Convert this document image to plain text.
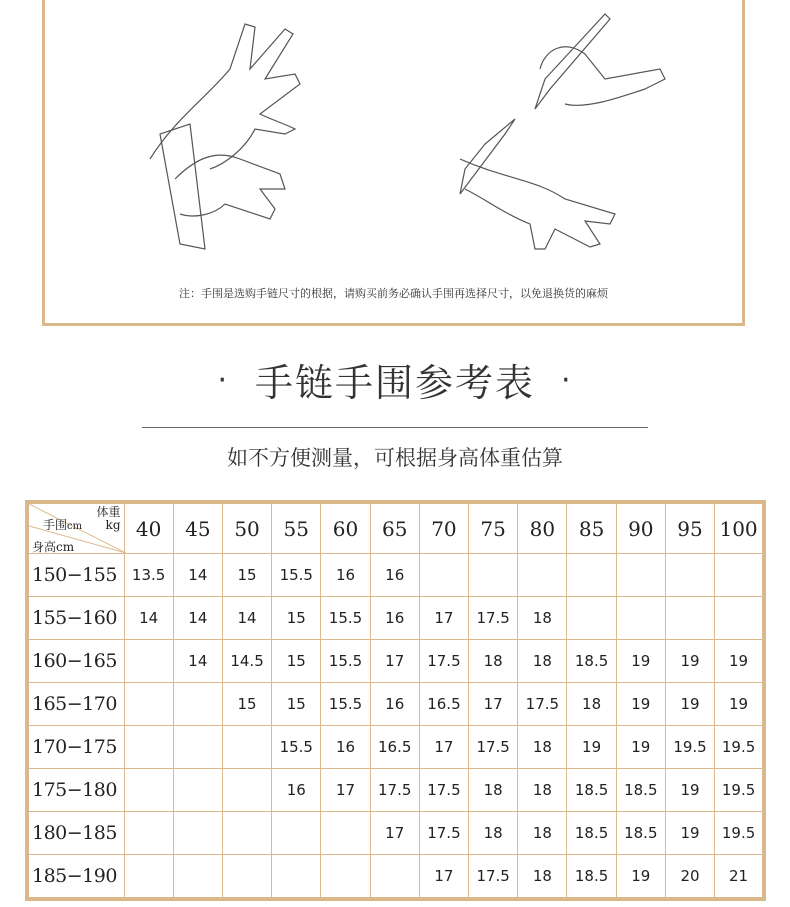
注：手围是选购手链尺寸的根据，请购买前务必确认手围再选择尺寸，以免退换货的麻烦
· 手链手围参考表 ·
如不方便测量，可根据身高体重估算
体重
kg
手围cm
身高cm	40	45	50	55	60	65	70	75	80	85	90	95	100
150−155	13.5	14	15	15.5	16	16							
155−160	14	14	14	15	15.5	16	17	17.5	18				
160−165		14	14.5	15	15.5	17	17.5	18	18	18.5	19	19	19
165−170			15	15	15.5	16	16.5	17	17.5	18	19	19	19
170−175				15.5	16	16.5	17	17.5	18	19	19	19.5	19.5
175−180				16	17	17.5	17.5	18	18	18.5	18.5	19	19.5
180−185						17	17.5	18	18	18.5	18.5	19	19.5
185−190							17	17.5	18	18.5	19	20	21
